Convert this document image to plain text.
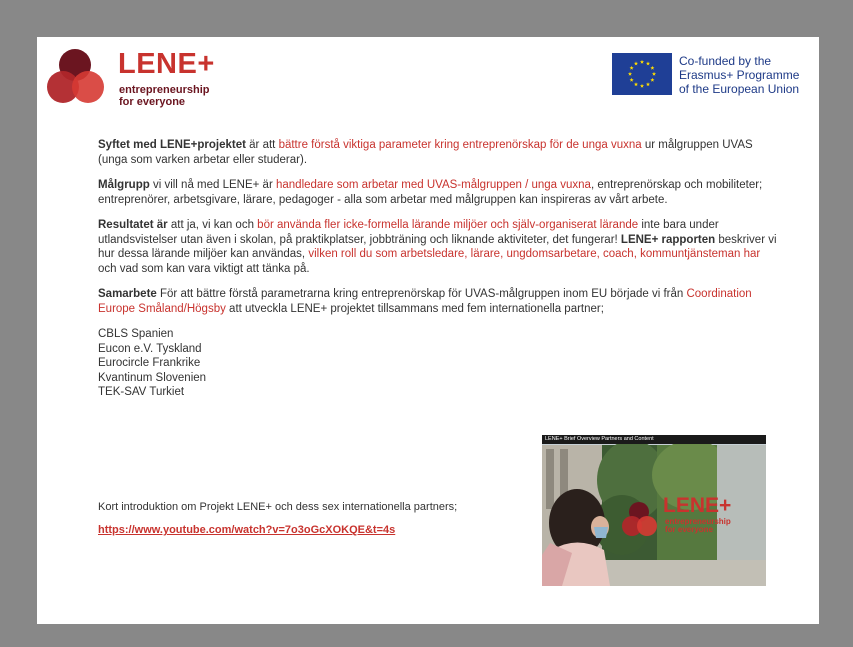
LENE+
entrepreneurship
for everyone
Co-funded by the
Erasmus+ Programme
of the European Union

Syftet med LENE+projektet är att bättre förstå viktiga parameter kring entreprenörskap för de unga vuxna ur målgruppen UVAS (unga som varken arbetar eller studerar).

Målgrupp vi vill nå med LENE+ är handledare som arbetar med UVAS-målgruppen / unga vuxna, entreprenörskap och mobiliteter; entreprenörer, arbetsgivare, lärare, pedagoger - alla som arbetar med målgruppen kan inspireras av vårt arbete.

Resultatet är att ja, vi kan och bör använda fler icke-formella lärande miljöer och själv-organiserat lärande inte bara under utlandsvistelser utan även i skolan, på praktikplatser, jobbträning och liknande aktiviteter, det fungerar! LENE+ rapporten beskriver vi hur dessa lärande miljöer kan användas, vilken roll du som arbetsledare, lärare, ungdomsarbetare, coach, kommuntjänsteman har och vad som kan vara viktigt att tänka på.

Samarbete För att bättre förstå parametrarna kring entreprenörskap för UVAS-målgruppen inom EU började vi från Coordination Europe Småland/Högsby att utveckla LENE+ projektet tillsammans med fem internationella partner;

CBLS Spanien
Eucon e.V. Tyskland
Eurocircle Frankrike
Kvantinum Slovenien
TEK-SAV Turkiet
Kort introduktion om Projekt LENE+ och dess sex internationella partners;
https://www.youtube.com/watch?v=7o3oGcXOKQE&t=4s
LENE+ Brief Overview Partners and Content
LENE+
entrepreneurship
for everyone
